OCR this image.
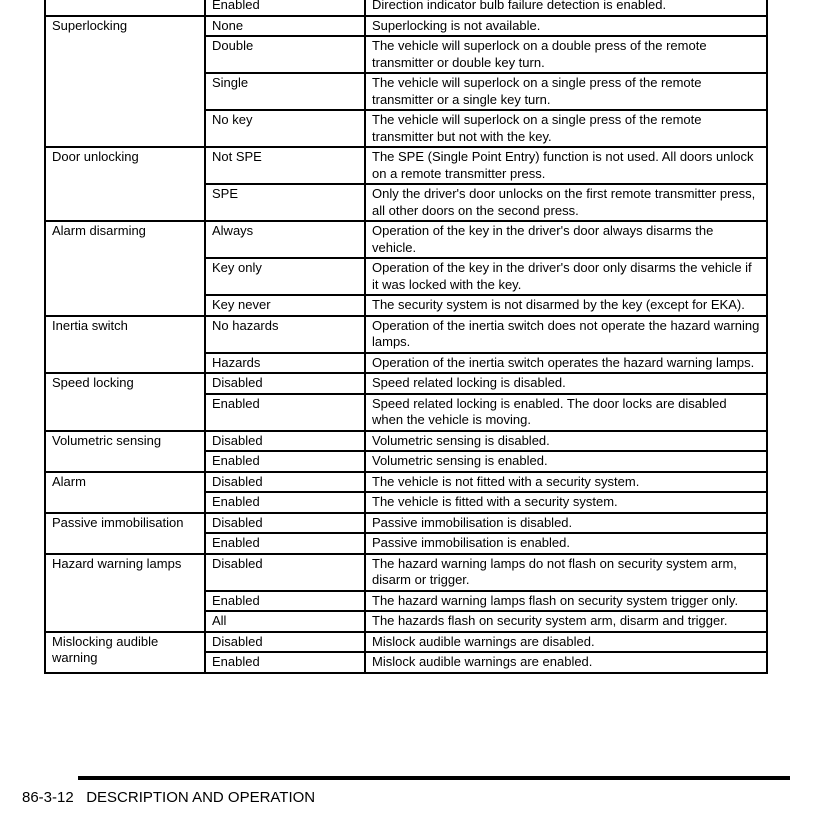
	Enabled	Direction indicator bulb failure detection is enabled.
Superlocking	None	Superlocking is not available.
	Double	The vehicle will superlock on a double press of the remote transmitter or double key turn.
	Single	The vehicle will superlock on a single press of the remote transmitter or a single key turn.
	No key	The vehicle will superlock on a single press of the remote transmitter but not with the key.
Door unlocking	Not SPE	The SPE (Single Point Entry) function is not used. All doors unlock on a remote transmitter press.
	SPE	Only the driver's door unlocks on the first remote transmitter press, all other doors on the second press.
Alarm disarming	Always	Operation of the key in the driver's door always disarms the vehicle.
	Key only	Operation of the key in the driver's door only disarms the vehicle if it was locked with the key.
	Key never	The security system is not disarmed by the key (except for EKA).
Inertia switch	No hazards	Operation of the inertia switch does not operate the hazard warning lamps.
	Hazards	Operation of the inertia switch operates the hazard warning lamps.
Speed locking	Disabled	Speed related locking is disabled.
	Enabled	Speed related locking is enabled. The door locks are disabled when the vehicle is moving.
Volumetric sensing	Disabled	Volumetric sensing is disabled.
	Enabled	Volumetric sensing is enabled.
Alarm	Disabled	The vehicle is not fitted with a security system.
	Enabled	The vehicle is fitted with a security system.
Passive immobilisation	Disabled	Passive immobilisation is disabled.
	Enabled	Passive immobilisation is enabled.
Hazard warning lamps	Disabled	The hazard warning lamps do not flash on security system arm, disarm or trigger.
	Enabled	The hazard warning lamps flash on security system trigger only.
	All	The hazards flash on security system arm, disarm and trigger.
Mislocking audible warning	Disabled	Mislock audible warnings are disabled.
	Enabled	Mislock audible warnings are enabled.
86-3-12 DESCRIPTION AND OPERATION
